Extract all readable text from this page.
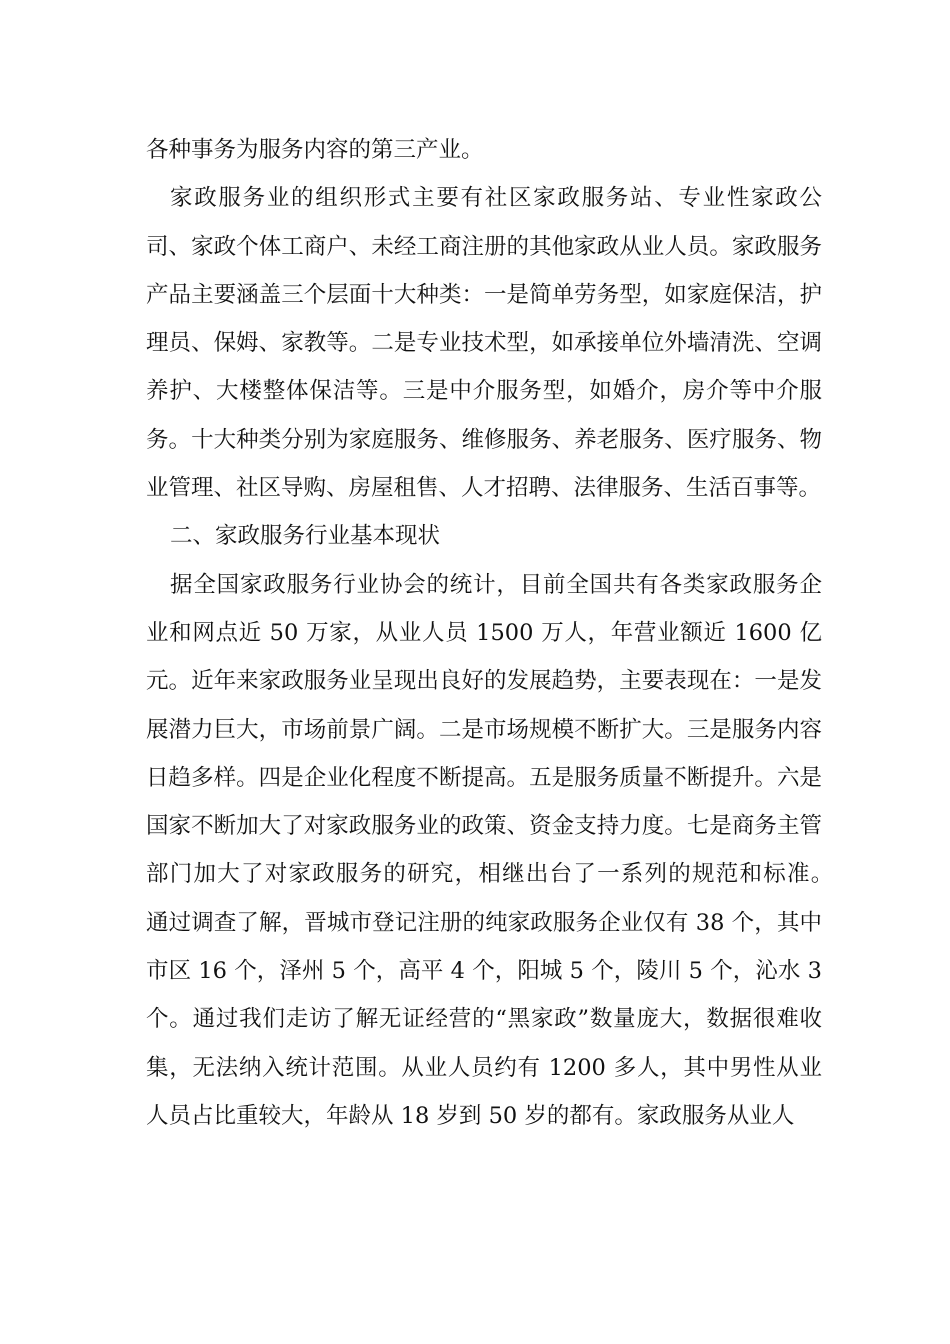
各种事务为服务内容的第三产业。

家政服务业的组织形式主要有社区家政服务站、专业性家政公司、家政个体工商户、未经工商注册的其他家政从业人员。家政服务产品主要涵盖三个层面十大种类：一是简单劳务型，如家庭保洁，护理员、保姆、家教等。二是专业技术型，如承接单位外墙清洗、空调养护、大楼整体保洁等。三是中介服务型，如婚介，房介等中介服务。十大种类分别为家庭服务、维修服务、养老服务、医疗服务、物业管理、社区导购、房屋租售、人才招聘、法律服务、生活百事等。

二、家政服务行业基本现状

据全国家政服务行业协会的统计，目前全国共有各类家政服务企业和网点近 50 万家，从业人员 1500 万人，年营业额近 1600 亿元。近年来家政服务业呈现出良好的发展趋势，主要表现在：一是发展潜力巨大，市场前景广阔。二是市场规模不断扩大。三是服务内容日趋多样。四是企业化程度不断提高。五是服务质量不断提升。六是国家不断加大了对家政服务业的政策、资金支持力度。七是商务主管部门加大了对家政服务的研究，相继出台了一系列的规范和标准。　通过调查了解，晋城市登记注册的纯家政服务企业仅有 38 个，其中市区 16 个，泽州 5 个，高平 4 个，阳城 5 个，陵川 5 个，沁水 3 个。通过我们走访了解无证经营的“黑家政”数量庞大，数据很难收集，无法纳入统计范围。从业人员约有 1200 多人，其中男性从业人员占比重较大，年龄从 18 岁到 50 岁的都有。家政服务从业人
